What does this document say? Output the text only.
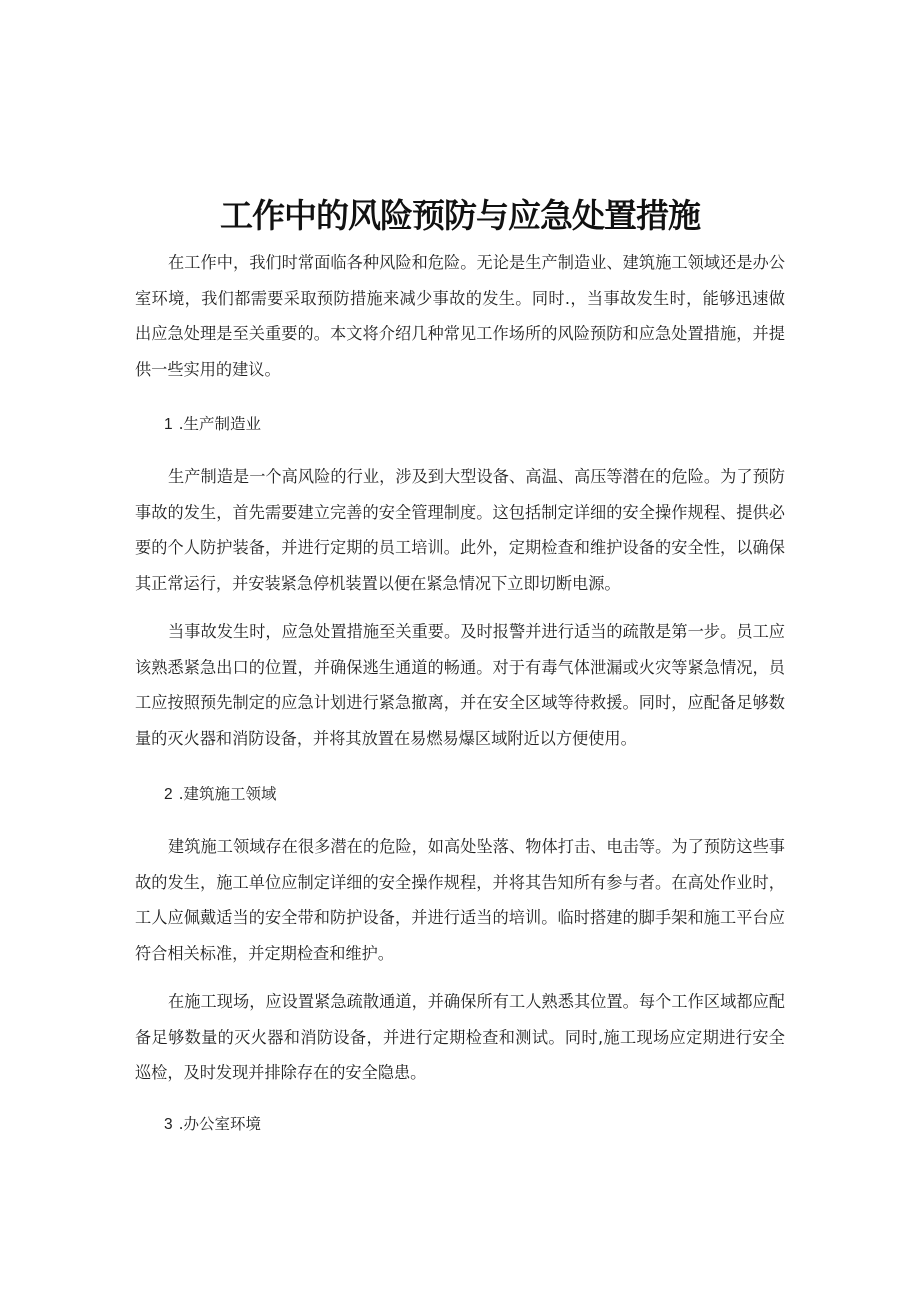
工作中的风险预防与应急处置措施

在工作中，我们时常面临各种风险和危险。无论是生产制造业、建筑施工领域还是办公室环境，我们都需要采取预防措施来减少事故的发生。同时.，当事故发生时，能够迅速做出应急处理是至关重要的。本文将介绍几种常见工作场所的风险预防和应急处置措施，并提供一些实用的建议。

1 .生产制造业

生产制造是一个高风险的行业，涉及到大型设备、高温、高压等潜在的危险。为了预防事故的发生，首先需要建立完善的安全管理制度。这包括制定详细的安全操作规程、提供必要的个人防护装备，并进行定期的员工培训。此外，定期检查和维护设备的安全性，以确保其正常运行，并安装紧急停机装置以便在紧急情况下立即切断电源。

当事故发生时，应急处置措施至关重要。及时报警并进行适当的疏散是第一步。员工应该熟悉紧急出口的位置，并确保逃生通道的畅通。对于有毒气体泄漏或火灾等紧急情况，员工应按照预先制定的应急计划进行紧急撤离，并在安全区域等待救援。同时，应配备足够数量的灭火器和消防设备，并将其放置在易燃易爆区域附近以方便使用。

2 .建筑施工领域

建筑施工领域存在很多潜在的危险，如高处坠落、物体打击、电击等。为了预防这些事故的发生，施工单位应制定详细的安全操作规程，并将其告知所有参与者。在高处作业时，工人应佩戴适当的安全带和防护设备，并进行适当的培训。临时搭建的脚手架和施工平台应符合相关标准，并定期检查和维护。

在施工现场，应设置紧急疏散通道，并确保所有工人熟悉其位置。每个工作区域都应配备足够数量的灭火器和消防设备，并进行定期检查和测试。同时,施工现场应定期进行安全巡检，及时发现并排除存在的安全隐患。

3 .办公室环境
